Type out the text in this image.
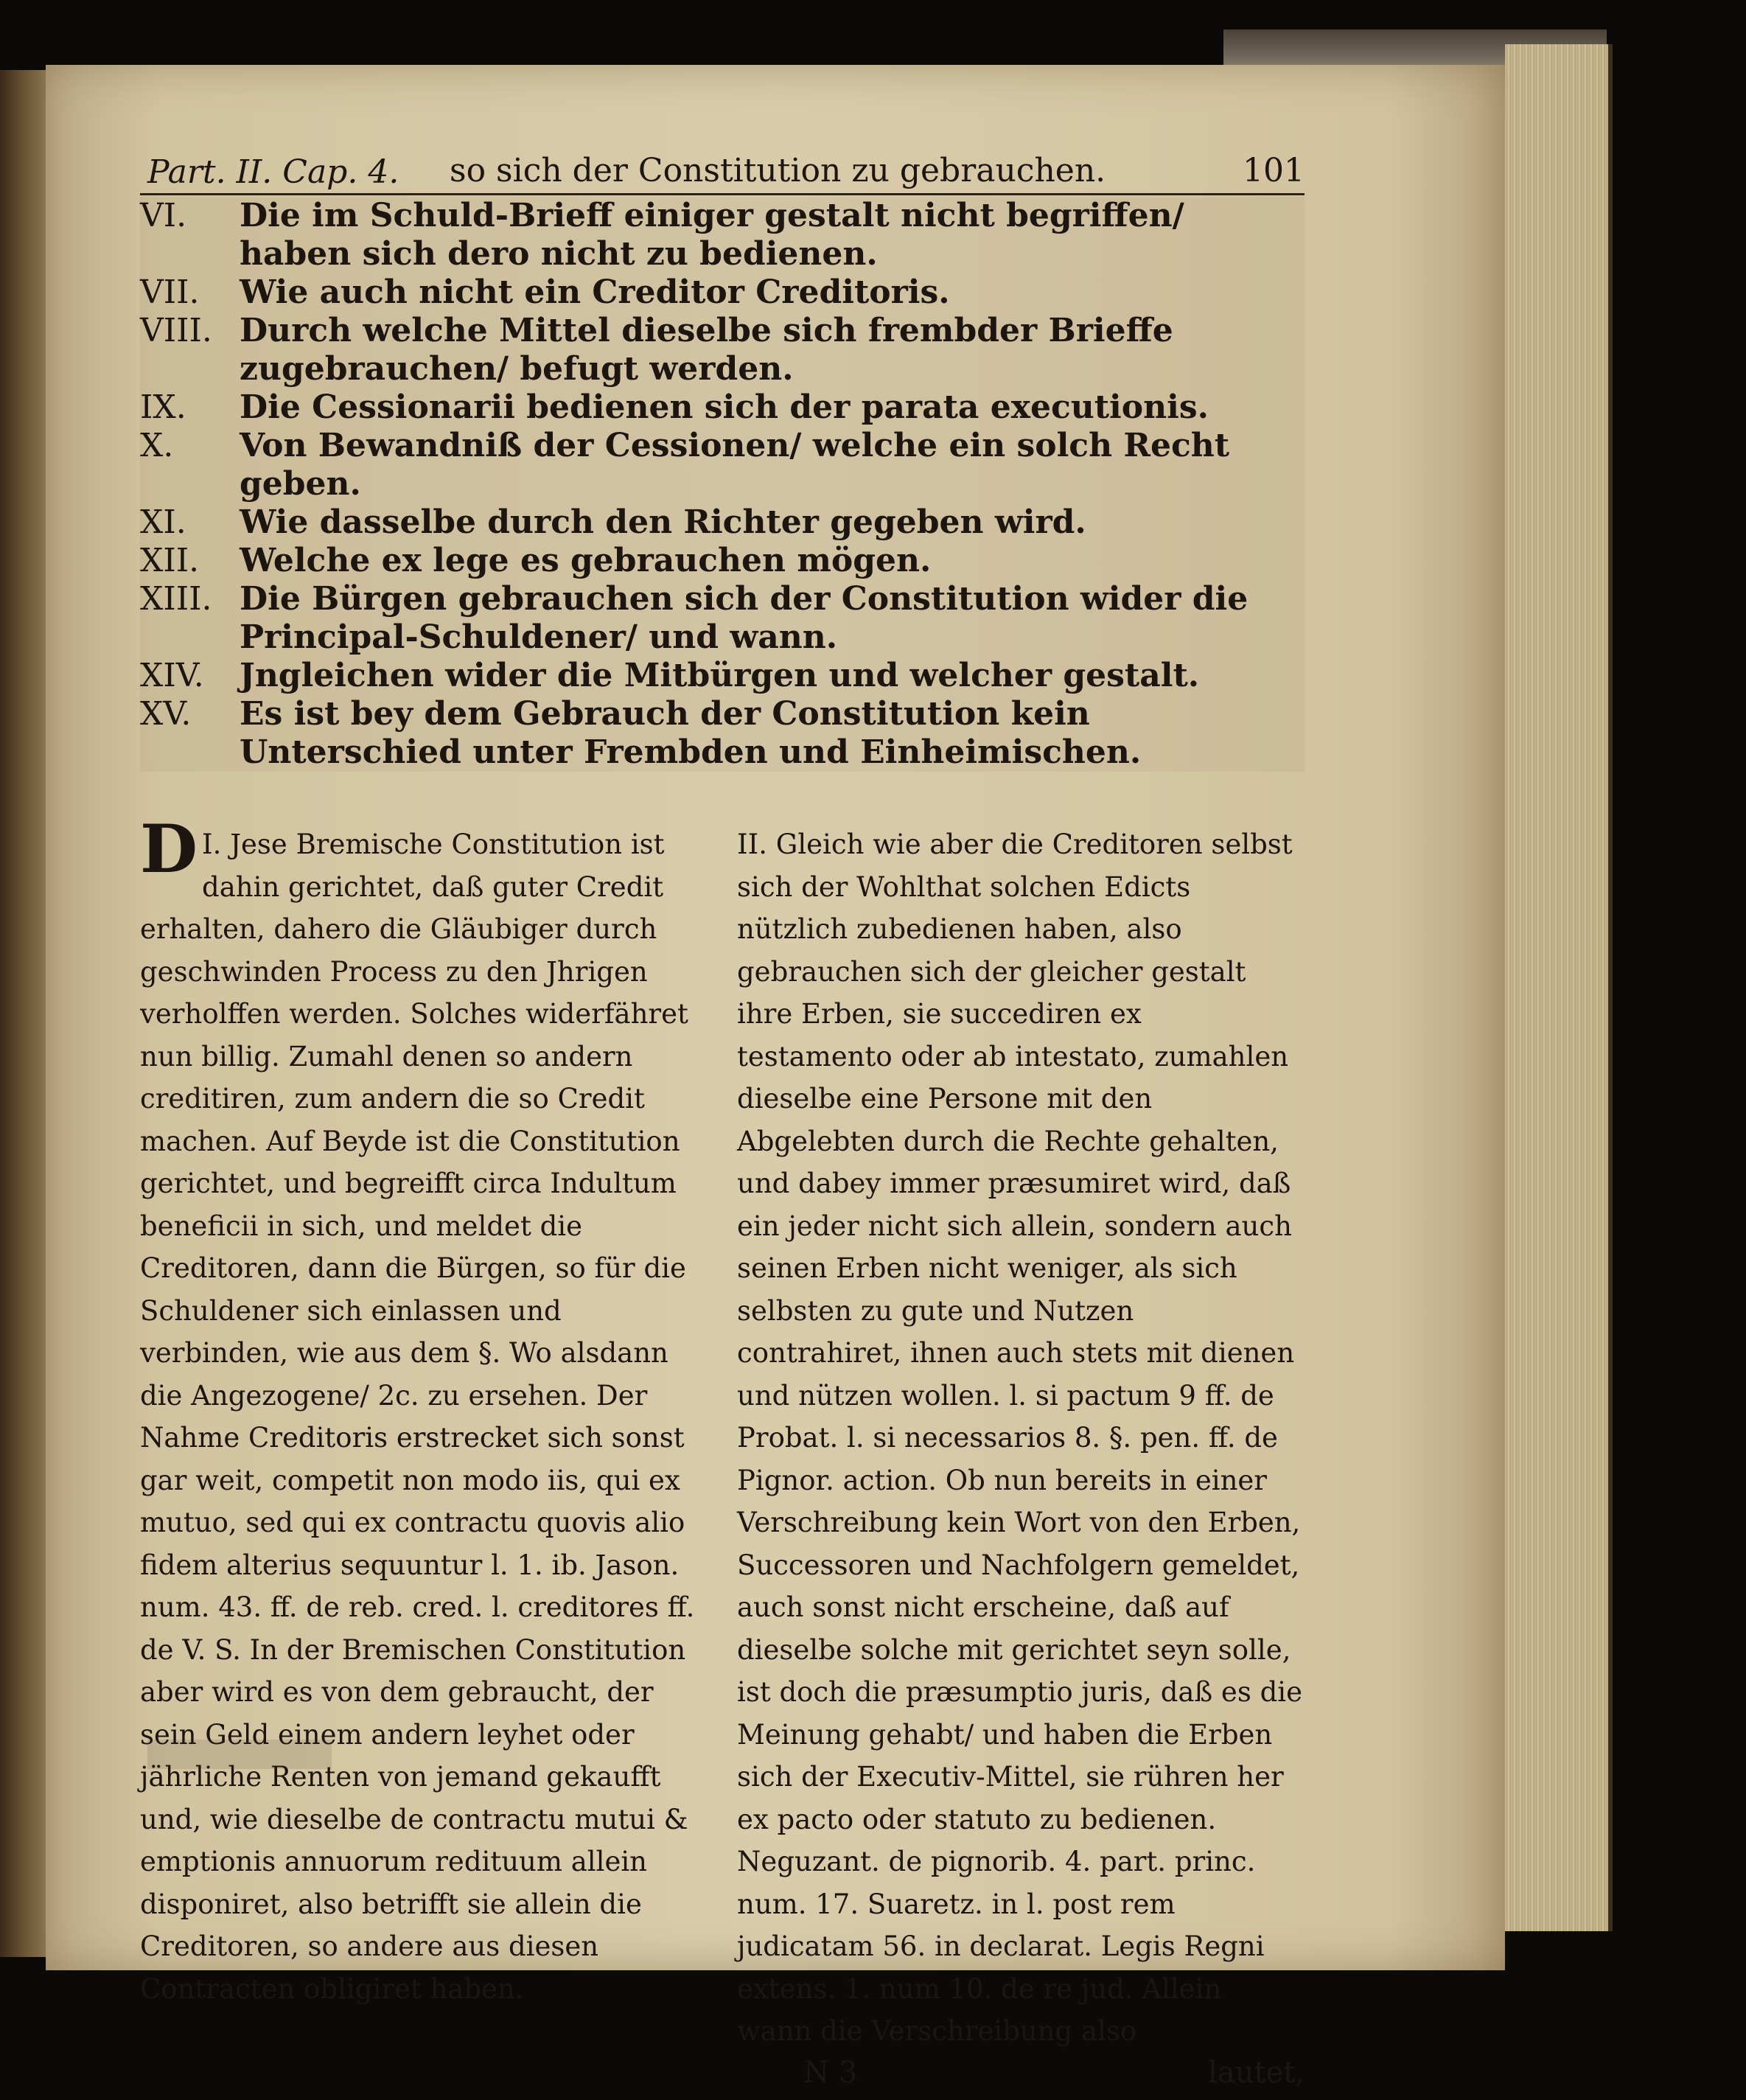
Part. II. Cap. 4. so sich der Constitution zu gebrauchen.	101
VI.	Die im Schuld-Brieff einiger gestalt nicht begriffen/ haben sich dero nicht zu bedienen.
VII.	Wie auch nicht ein Creditor Creditoris.
VIII. Durch welche Mittel dieselbe sich frembder Brieffe zugebrauchen/ befugt werden.
IX.	Die Cessionarii bedienen sich der parata executionis.
X.	Von Bewandniß der Cessionen/ welche ein solch Recht geben.
XI.	Wie dasselbe durch den Richter gegeben wird.
XII.	Welche ex lege es gebrauchen mögen.
XIII. Die Bürgen gebrauchen sich der Constitution wider die Principal-Schuldener/ und wann.
XIV.	Jngleichen wider die Mitbürgen und welcher gestalt.
XV.	Es ist bey dem Gebrauch der Constitution kein Unterschied unter Frembden und Einheimischen.

I.
D Jese Bremische Constitution ist dahin gerichtet, daß guter Credit erhalten, dahero die Gläubiger durch geschwinden Process zu den Jhrigen verholffen werden. Solches widerfähret nun billig. Zumahl denen so andern creditiren, zum andern die so Credit machen. Auf Beyde ist die Constitution gerichtet, und begreifft circa Indultum beneficii in sich, und meldet die Creditoren, dann die Bürgen, so für die Schuldener sich einlassen und verbinden, wie aus dem §. Wo alsdann die Angezogene/ 2c. zu ersehen. Der Nahme Creditoris erstrecket sich sonst gar weit, competit non modo iis, qui ex mutuo, sed qui ex contractu quovis alio fidem alterius sequuntur l. 1. ib. Jason. num. 43. ff. de reb. cred. l. creditores ff. de V. S. In der Bremischen Constitution aber wird es von dem gebraucht, der sein Geld einem andern leyhet oder jährliche Renten von jemand gekaufft und, wie dieselbe de contractu mutui & emptionis annuorum redituum allein disponiret, also betrifft sie allein die Creditoren, so andere aus diesen Contracten obligiret haben.

II. Gleich wie aber die Creditoren selbst sich der Wohlthat solchen Edicts nützlich zubedienen haben, also gebrauchen sich der gleicher gestalt ihre Erben, sie succediren ex testamento oder ab intestato, zumahlen dieselbe eine Persone mit den Abgelebten durch die Rechte gehalten, und dabey immer præsumiret wird, daß ein jeder nicht sich allein, sondern auch seinen Erben nicht weniger, als sich selbsten zu gute und Nutzen contrahiret, ihnen auch stets mit dienen und nützen wollen. l. si pactum 9 ff. de Probat. l. si necessarios 8. §. pen. ff. de Pignor. action. Ob nun bereits in einer Verschreibung kein Wort von den Erben, Successoren und Nachfolgern gemeldet, auch sonst nicht erscheine, daß auf dieselbe solche mit gerichtet seyn solle, ist doch die præsumptio juris, daß es die Meinung gehabt/ und haben die Erben sich der Executiv-Mittel, sie rühren her ex pacto oder statuto zu bedienen. Neguzant. de pignorib. 4. part. princ. num. 17. Suaretz. in l. post rem judicatam 56. in declarat. Legis Regni extens. 1. num 10. de re jud. Allein wann die Verschreibung also

N 3	lautet,
